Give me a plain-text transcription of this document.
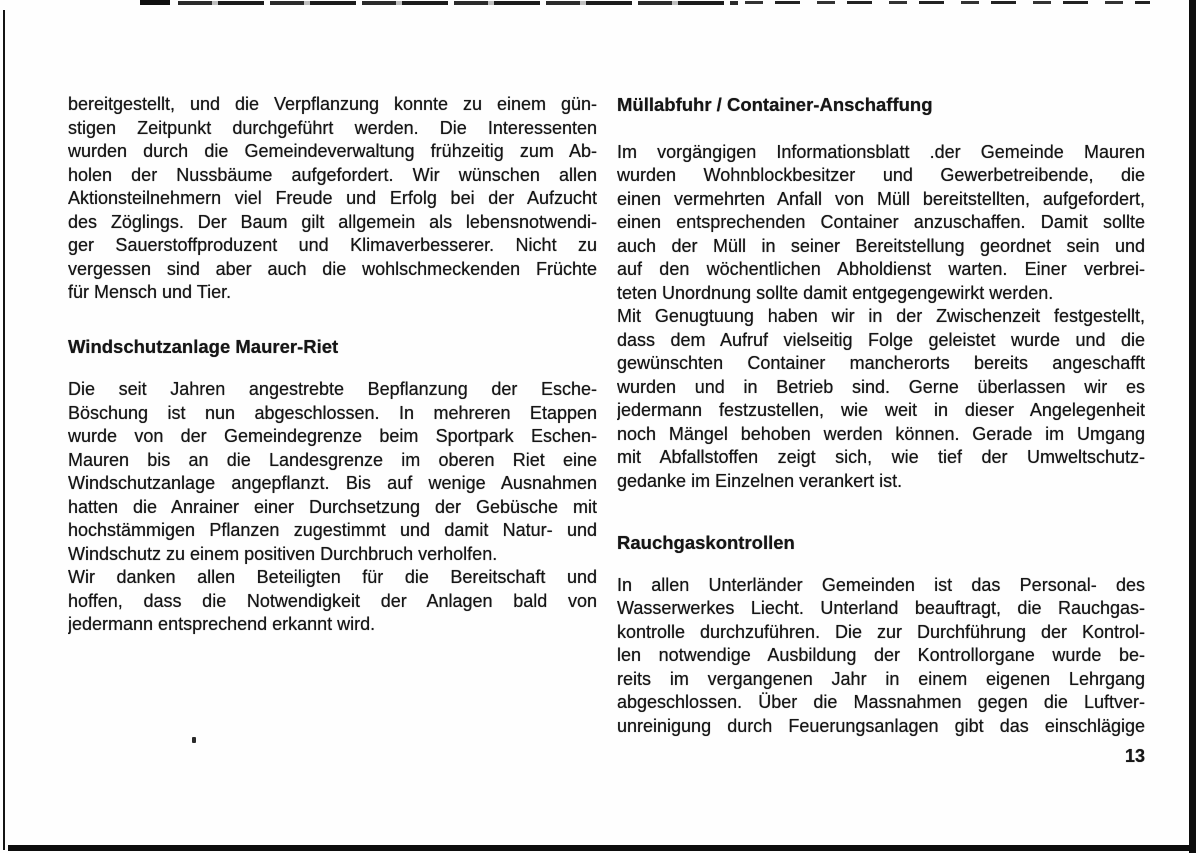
bereitgestellt, und die Verpflanzung konnte zu einem gün-
stigen Zeitpunkt durchgeführt werden. Die Interessenten
wurden durch die Gemeindeverwaltung frühzeitig zum Ab-
holen der Nussbäume aufgefordert. Wir wünschen allen
Aktionsteilnehmern viel Freude und Erfolg bei der Aufzucht
des Zöglings. Der Baum gilt allgemein als lebensnotwendi-
ger Sauerstoffproduzent und Klimaverbesserer. Nicht zu
vergessen sind aber auch die wohlschmeckenden Früchte
für Mensch und Tier.
Windschutzanlage Maurer-Riet
Die seit Jahren angestrebte Bepflanzung der Esche-
Böschung ist nun abgeschlossen. In mehreren Etappen
wurde von der Gemeindegrenze beim Sportpark Eschen-
Mauren bis an die Landesgrenze im oberen Riet eine
Windschutzanlage angepflanzt. Bis auf wenige Ausnahmen
hatten die Anrainer einer Durchsetzung der Gebüsche mit
hochstämmigen Pflanzen zugestimmt und damit Natur- und
Windschutz zu einem positiven Durchbruch verholfen.
Wir danken allen Beteiligten für die Bereitschaft und
hoffen, dass die Notwendigkeit der Anlagen bald von
jedermann entsprechend erkannt wird.
Müllabfuhr / Container-Anschaffung
Im vorgängigen Informationsblatt .der Gemeinde Mauren
wurden Wohnblockbesitzer und Gewerbetreibende, die
einen vermehrten Anfall von Müll bereitstellten, aufgefordert,
einen entsprechenden Container anzuschaffen. Damit sollte
auch der Müll in seiner Bereitstellung geordnet sein und
auf den wöchentlichen Abholdienst warten. Einer verbrei-
teten Unordnung sollte damit entgegengewirkt werden.
Mit Genugtuung haben wir in der Zwischenzeit festgestellt,
dass dem Aufruf vielseitig Folge geleistet wurde und die
gewünschten Container mancherorts bereits angeschafft
wurden und in Betrieb sind. Gerne überlassen wir es
jedermann festzustellen, wie weit in dieser Angelegenheit
noch Mängel behoben werden können. Gerade im Umgang
mit Abfallstoffen zeigt sich, wie tief der Umweltschutz-
gedanke im Einzelnen verankert ist.
Rauchgaskontrollen
In allen Unterländer Gemeinden ist das Personal- des
Wasserwerkes Liecht. Unterland beauftragt, die Rauchgas-
kontrolle durchzuführen. Die zur Durchführung der Kontrol-
len notwendige Ausbildung der Kontrollorgane wurde be-
reits im vergangenen Jahr in einem eigenen Lehrgang
abgeschlossen. Über die Massnahmen gegen die Luftver-
unreinigung durch Feuerungsanlagen gibt das einschlägige
13
